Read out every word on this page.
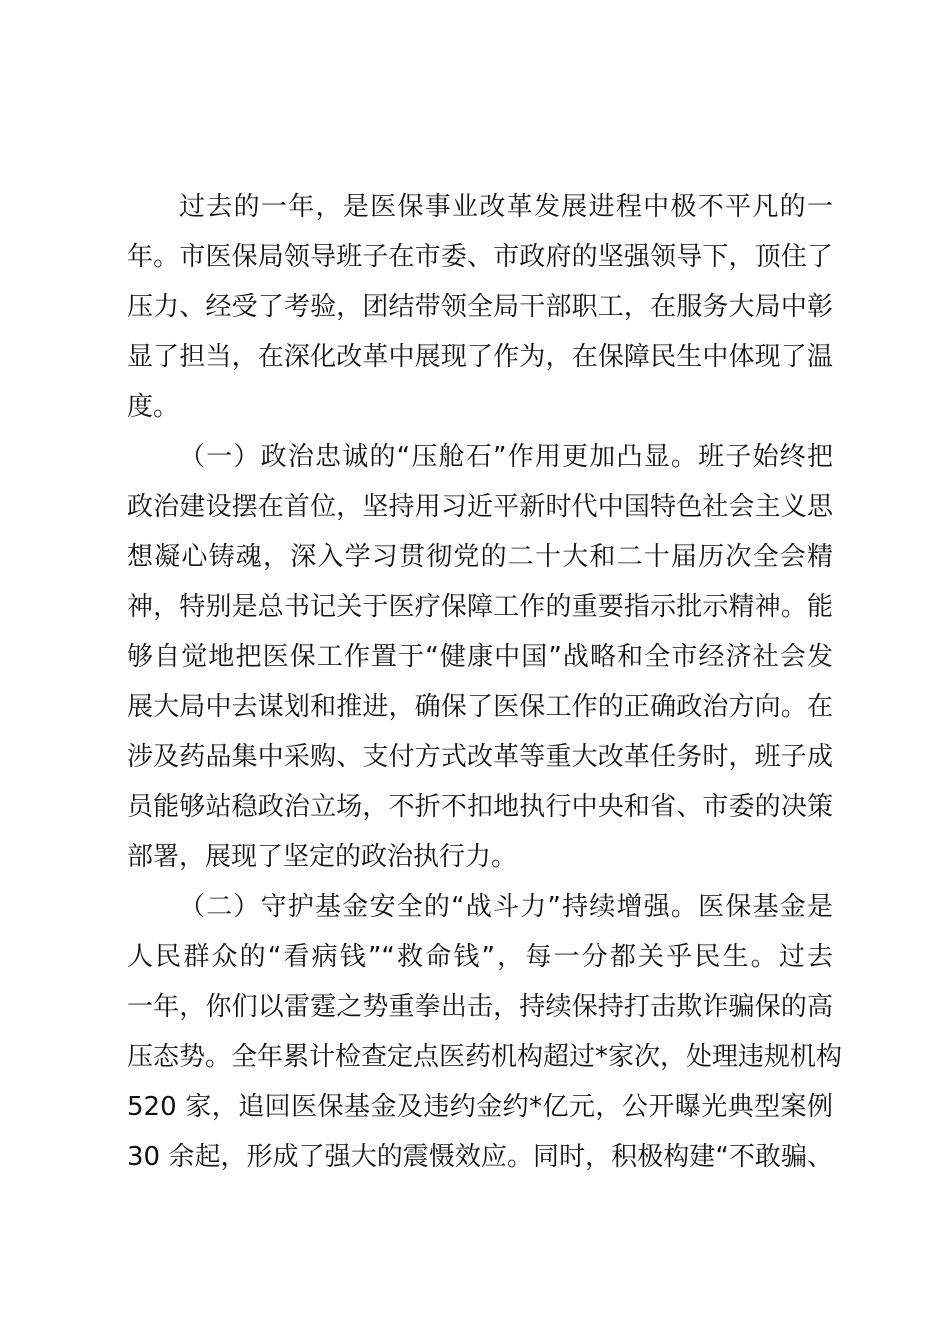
过去的一年，是医保事业改革发展进程中极不平凡的一
年。市医保局领导班子在市委、市政府的坚强领导下，顶住了
压力、经受了考验，团结带领全局干部职工，在服务大局中彰
显了担当，在深化改革中展现了作为，在保障民生中体现了温
度。
（一）政治忠诚的“压舱石”作用更加凸显。班子始终把
政治建设摆在首位，坚持用习近平新时代中国特色社会主义思
想凝心铸魂，深入学习贯彻党的二十大和二十届历次全会精
神，特别是总书记关于医疗保障工作的重要指示批示精神。能
够自觉地把医保工作置于“健康中国”战略和全市经济社会发
展大局中去谋划和推进，确保了医保工作的正确政治方向。在
涉及药品集中采购、支付方式改革等重大改革任务时，班子成
员能够站稳政治立场，不折不扣地执行中央和省、市委的决策
部署，展现了坚定的政治执行力。
（二）守护基金安全的“战斗力”持续增强。医保基金是
人民群众的“看病钱”“救命钱”，每一分都关乎民生。过去
一年，你们以雷霆之势重拳出击，持续保持打击欺诈骗保的高
压态势。全年累计检查定点医药机构超过*家次，处理违规机构
520 家，追回医保基金及违约金约*亿元，公开曝光典型案例
30 余起，形成了强大的震慑效应。同时，积极构建“不敢骗、
